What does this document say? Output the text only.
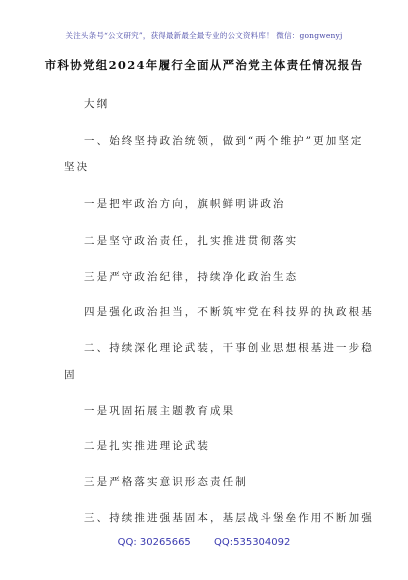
关注头条号“公文研究”，获得最新最全最专业的公文资料库！ 微信：gongwenyj
市科协党组2024年履行全面从严治党主体责任情况报告
大纲
一、始终坚持政治统领，做到“两个维护”更加坚定
坚决
一是把牢政治方向，旗帜鲜明讲政治
二是坚守政治责任，扎实推进贯彻落实
三是严守政治纪律，持续净化政治生态
四是强化政治担当，不断筑牢党在科技界的执政根基
二、持续深化理论武装，干事创业思想根基进一步稳
固
一是巩固拓展主题教育成果
二是扎实推进理论武装
三是严格落实意识形态责任制
三、持续推进强基固本，基层战斗堡垒作用不断加强
QQ: 30265665 QQ:535304092
